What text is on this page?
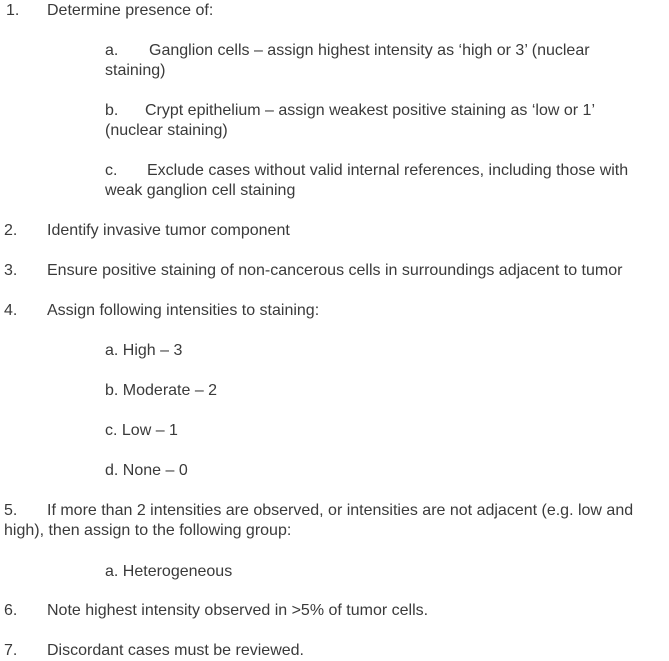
1. Determine presence of:
a. Ganglion cells – assign highest intensity as ‘high or 3’ (nuclear
staining)
b. Crypt epithelium – assign weakest positive staining as ‘low or 1’
(nuclear staining)
c. Exclude cases without valid internal references, including those with
weak ganglion cell staining
2. Identify invasive tumor component
3. Ensure positive staining of non-cancerous cells in surroundings adjacent to tumor
4. Assign following intensities to staining:
a. High – 3
b. Moderate – 2
c. Low – 1
d. None – 0
5. If more than 2 intensities are observed, or intensities are not adjacent (e.g. low and
high), then assign to the following group:
a. Heterogeneous
6. Note highest intensity observed in >5% of tumor cells.
7. Discordant cases must be reviewed.
